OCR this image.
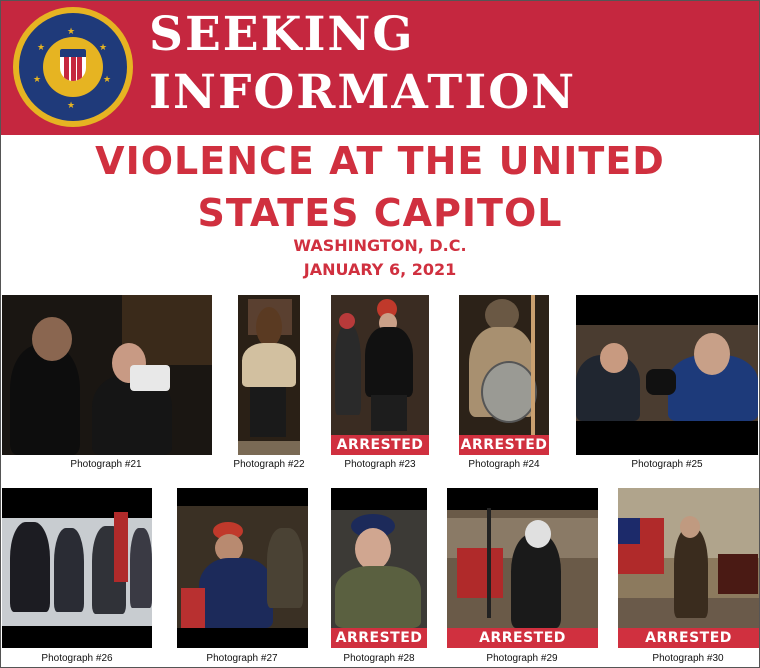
★
★	★
★	★
★
SEEKING
INFORMATION
VIOLENCE AT THE UNITED
STATES CAPITOL
WASHINGTON, D.C.
JANUARY 6, 2021
ARRESTED	ARRESTED
ARRESTED	ARRESTED	ARRESTED
Photograph #21	Photograph #22	Photograph #23	Photograph #24	Photograph #25
Photograph #26	Photograph #27	Photograph #28	Photograph #29	Photograph #30
